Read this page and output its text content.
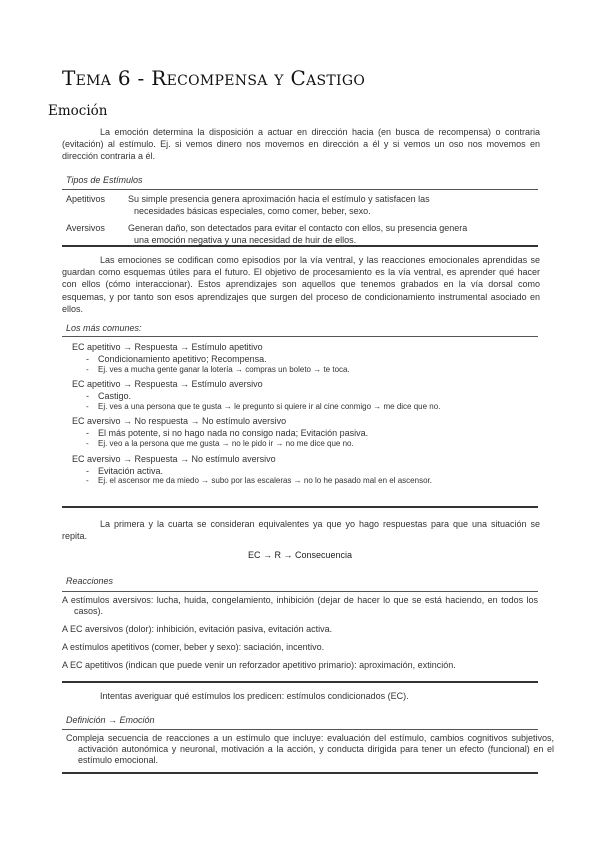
Tema 6 - Recompensa y Castigo
Emoción

La emoción determina la disposición a actuar en dirección hacia (en busca de recompensa) o contraria (evitación) al estímulo. Ej. si vemos dinero nos movemos en dirección a él y si vemos un oso nos movemos en dirección contraria a él.

Tipos de Estímulos

Apetitivos	Su simple presencia genera aproximación hacia el estímulo y satisfacen las
necesidades básicas especiales, como comer, beber, sexo.
Aversivos	Generan daño, son detectados para evitar el contacto con ellos, su presencia genera
una emoción negativa y una necesidad de huir de ellos.

Las emociones se codifican como episodios por la vía ventral, y las reacciones emocionales aprendidas se guardan como esquemas útiles para el futuro. El objetivo de procesamiento es la vía ventral, es aprender qué hacer con ellos (cómo interaccionar). Estos aprendizajes son aquellos que tenemos grabados en la vía dorsal como esquemas, y por tanto son esos aprendizajes que surgen del proceso de condicionamiento instrumental asociado en ellos.

Los más comunes:

EC apetitivo → Respuesta → Estímulo apetitivo

- Condicionamiento apetitivo; Recompensa.
- Ej. ves a mucha gente ganar la lotería → compras un boleto → te toca.

EC apetitivo → Respuesta → Estímulo aversivo

- Castigo.
- Ej. ves a una persona que te gusta → le pregunto si quiere ir al cine conmigo → me dice que no.

EC aversivo → No respuesta → No estímulo aversivo

- El más potente, si no hago nada no consigo nada; Evitación pasiva.
- Ej. veo a la persona que me gusta → no le pido ir → no me dice que no.

EC aversivo → Respuesta → No estímulo aversivo

- Evitación activa.
- Ej. el ascensor me da miedo → subo por las escaleras → no lo he pasado mal en el ascensor.

La primera y la cuarta se consideran equivalentes ya que yo hago respuestas para que una situación se repita.

EC → R → Consecuencia

Reacciones

A estímulos aversivos: lucha, huida, congelamiento, inhibición (dejar de hacer lo que se está haciendo, en todos los casos).

A EC aversivos (dolor): inhibición, evitación pasiva, evitación activa.

A estímulos apetitivos (comer, beber y sexo): saciación, incentivo.

A EC apetitivos (indican que puede venir un reforzador apetitivo primario): aproximación, extinción.

Intentas averiguar qué estímulos los predicen: estímulos condicionados (EC).

Definición → Emoción

Compleja secuencia de reacciones a un estímulo que incluye: evaluación del estímulo, cambios cognitivos subjetivos, activación autonómica y neuronal, motivación a la acción, y conducta dirigida para tener un efecto (funcional) en el estímulo emocional.
